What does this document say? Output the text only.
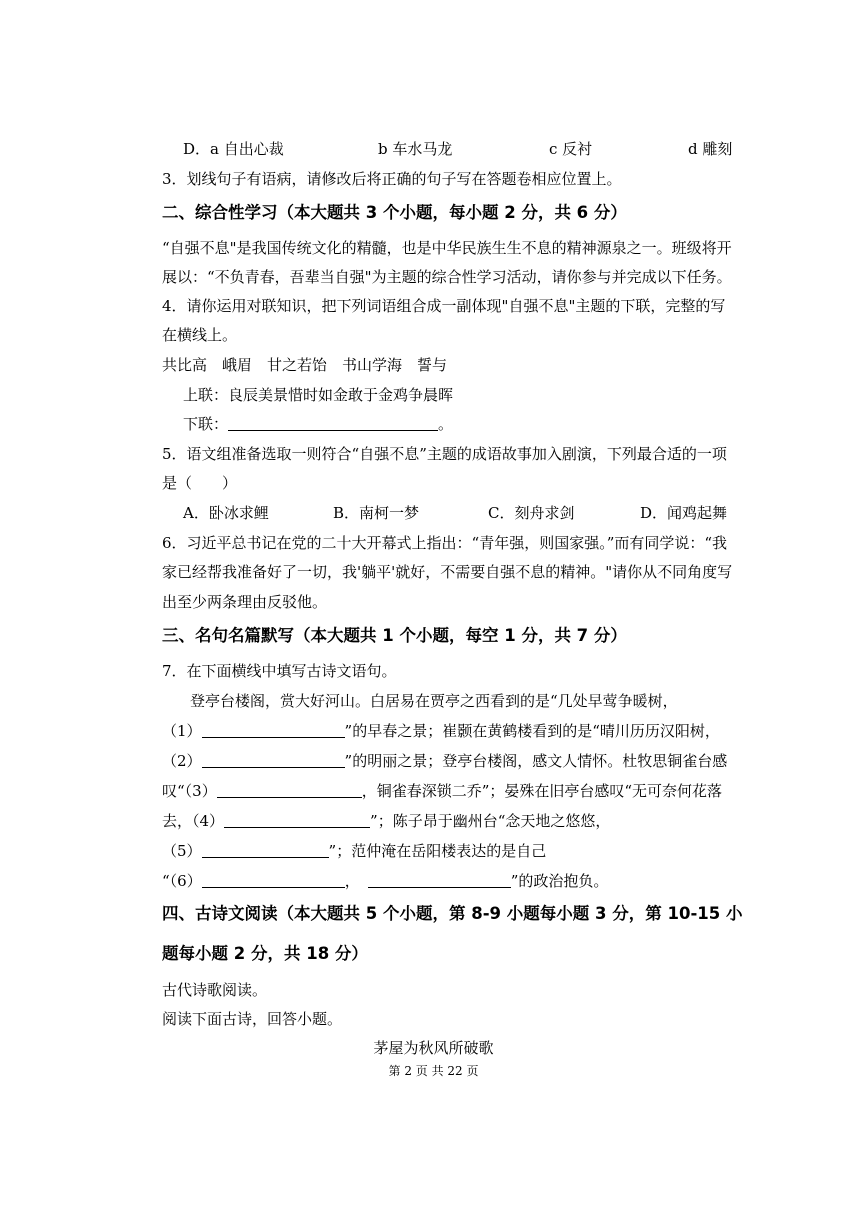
D．a 自出心裁	b 车水马龙	c 反衬	d 雕刻
3．划线句子有语病，请修改后将正确的句子写在答题卷相应位置上。
二、综合性学习（本大题共 3 个小题，每小题 2 分，共 6 分）
“自强不息"是我国传统文化的精髓，也是中华民族生生不息的精神源泉之一。班级将开
展以：“不负青春，吾辈当自强"为主题的综合性学习活动，请你参与并完成以下任务。
4．请你运用对联知识，把下列词语组合成一副体现"自强不息"主题的下联，完整的写
在横线上。
共比高　峨眉　甘之若饴　书山学海　誓与
上联：良辰美景惜时如金敢于金鸡争晨晖
下联：	。
5．语文组准备选取一则符合“自强不息”主题的成语故事加入剧演，下列最合适的一项
是（　　）
A．卧冰求鲤	B．南柯一梦	C．刻舟求剑	D．闻鸡起舞
6．习近平总书记在党的二十大开幕式上指出：“青年强，则国家强。”而有同学说：“我
家已经帮我准备好了一切，我'躺平'就好，不需要自强不息的精神。"请你从不同角度写
出至少两条理由反驳他。
三、名句名篇默写（本大题共 1 个小题，每空 1 分，共 7 分）
7．在下面横线中填写古诗文语句。
登亭台楼阁，赏大好河山。白居易在贾亭之西看到的是“几处早莺争暖树，
（1）	”的早春之景；崔颢在黄鹤楼看到的是“晴川历历汉阳树，
（2）	”的明丽之景；登亭台楼阁，感文人情怀。杜牧思铜雀台感
叹“（3）	，铜雀春深锁二乔”；晏殊在旧亭台感叹“无可奈何花落
去，（4）	”；陈子昂于幽州台“念天地之悠悠，
（5）	”；范仲淹在岳阳楼表达的是自己
“（6）	，	”的政治抱负。
四、古诗文阅读（本大题共 5 个小题，第 8-9 小题每小题 3 分，第 10-15 小
题每小题 2 分，共 18 分）
古代诗歌阅读。
阅读下面古诗，回答小题。
茅屋为秋风所破歌
第 2 页 共 22 页
